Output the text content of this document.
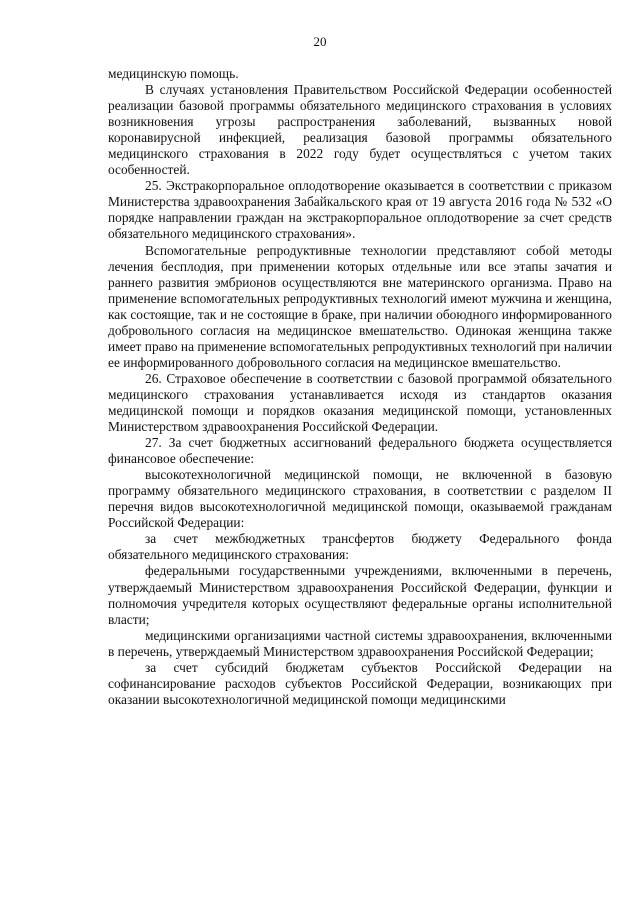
20

медицинскую помощь.

В случаях установления Правительством Российской Федерации особенностей реализации базовой программы обязательного медицинского страхования в условиях возникновения угрозы распространения заболеваний, вызванных новой коронавирусной инфекцией, реализация базовой программы обязательного медицинского страхования в 2022 году будет осуществляться с учетом таких особенностей.

25. Экстракорпоральное оплодотворение оказывается в соответствии с приказом Министерства здравоохранения Забайкальского края от 19 августа 2016 года № 532 «О порядке направлении граждан на экстракорпоральное оплодотворение за счет средств обязательного медицинского страхования».

Вспомогательные репродуктивные технологии представляют собой методы лечения бесплодия, при применении которых отдельные или все этапы зачатия и раннего развития эмбрионов осуществляются вне материнского организма. Право на применение вспомогательных репродуктивных технологий имеют мужчина и женщина, как состоящие, так и не состоящие в браке, при наличии обоюдного информированного добровольного согласия на медицинское вмешательство. Одинокая женщина также имеет право на применение вспомогательных репродуктивных технологий при наличии ее информированного добровольного согласия на медицинское вмешательство.

26. Страховое обеспечение в соответствии с базовой программой обязательного медицинского страхования устанавливается исходя из стандартов оказания медицинской помощи и порядков оказания медицинской помощи, установленных Министерством здравоохранения Российской Федерации.

27. За счет бюджетных ассигнований федерального бюджета осуществляется финансовое обеспечение:

высокотехнологичной медицинской помощи, не включенной в базовую программу обязательного медицинского страхования, в соответствии с разделом II перечня видов высокотехнологичной медицинской помощи, оказываемой гражданам Российской Федерации:

за счет межбюджетных трансфертов бюджету Федерального фонда обязательного медицинского страхования:

федеральными государственными учреждениями, включенными в перечень, утверждаемый Министерством здравоохранения Российской Федерации, функции и полномочия учредителя которых осуществляют федеральные органы исполнительной власти;

медицинскими организациями частной системы здравоохранения, включенными в перечень, утверждаемый Министерством здравоохранения Российской Федерации;

за счет субсидий бюджетам субъектов Российской Федерации на софинансирование расходов субъектов Российской Федерации, возникающих при оказании высокотехнологичной медицинской помощи медицинскими
